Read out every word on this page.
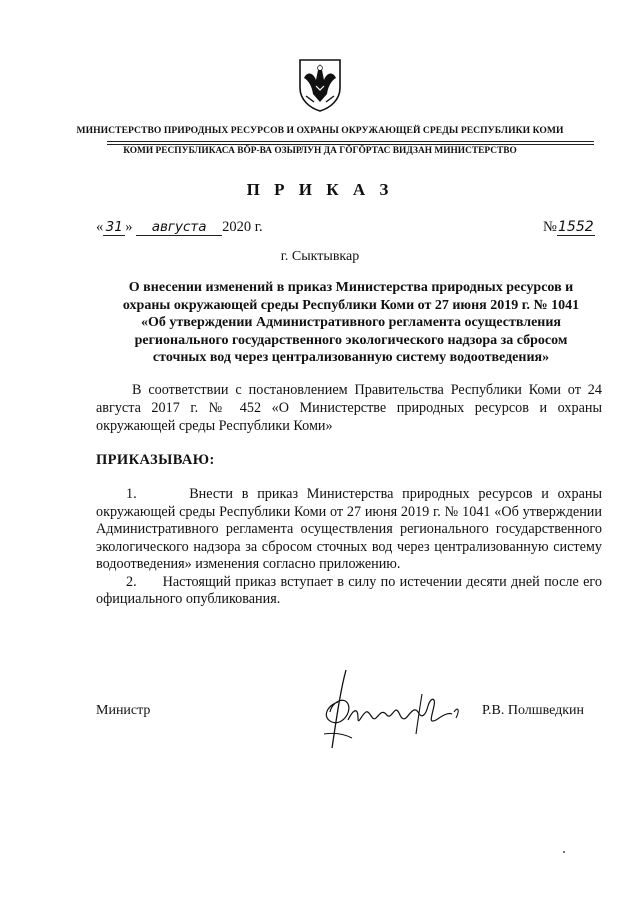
МИНИСТЕРСТВО ПРИРОДНЫХ РЕСУРСОВ И ОХРАНЫ ОКРУЖАЮЩЕЙ СРЕДЫ РЕСПУБЛИКИ КОМИ
КОМИ РЕСПУБЛИКАСА ВӦР-ВА ОЗЫРЛУН ДА ГӦГӦРТАС ВИДЗАН МИНИСТЕРСТВО
П Р И К А З
« 31 » августа 2020 г.	№1552
г. Сыктывкар
О внесении изменений в приказ Министерства природных ресурсов и
охраны окружающей среды Республики Коми от 27 июня 2019 г. № 1041
«Об утверждении Административного регламента осуществления
регионального государственного экологического надзора за сбросом
сточных вод через централизованную систему водоотведения»
В соответствии с постановлением Правительства Республики Коми от 24 августа 2017 г. № 452 «О Министерстве природных ресурсов и охраны окружающей среды Республики Коми»
ПРИКАЗЫВАЮ:
1.	Внести в приказ Министерства природных ресурсов и охраны окружающей среды Республики Коми от 27 июня 2019 г. № 1041 «Об утверждении Административного регламента осуществления регионального государственного экологического надзора за сбросом сточных вод через централизованную систему водоотведения» изменения согласно приложению.
2. Настоящий приказ вступает в силу по истечении десяти дней после его официального опубликования.
Министр	Р.В. Полшведкин
